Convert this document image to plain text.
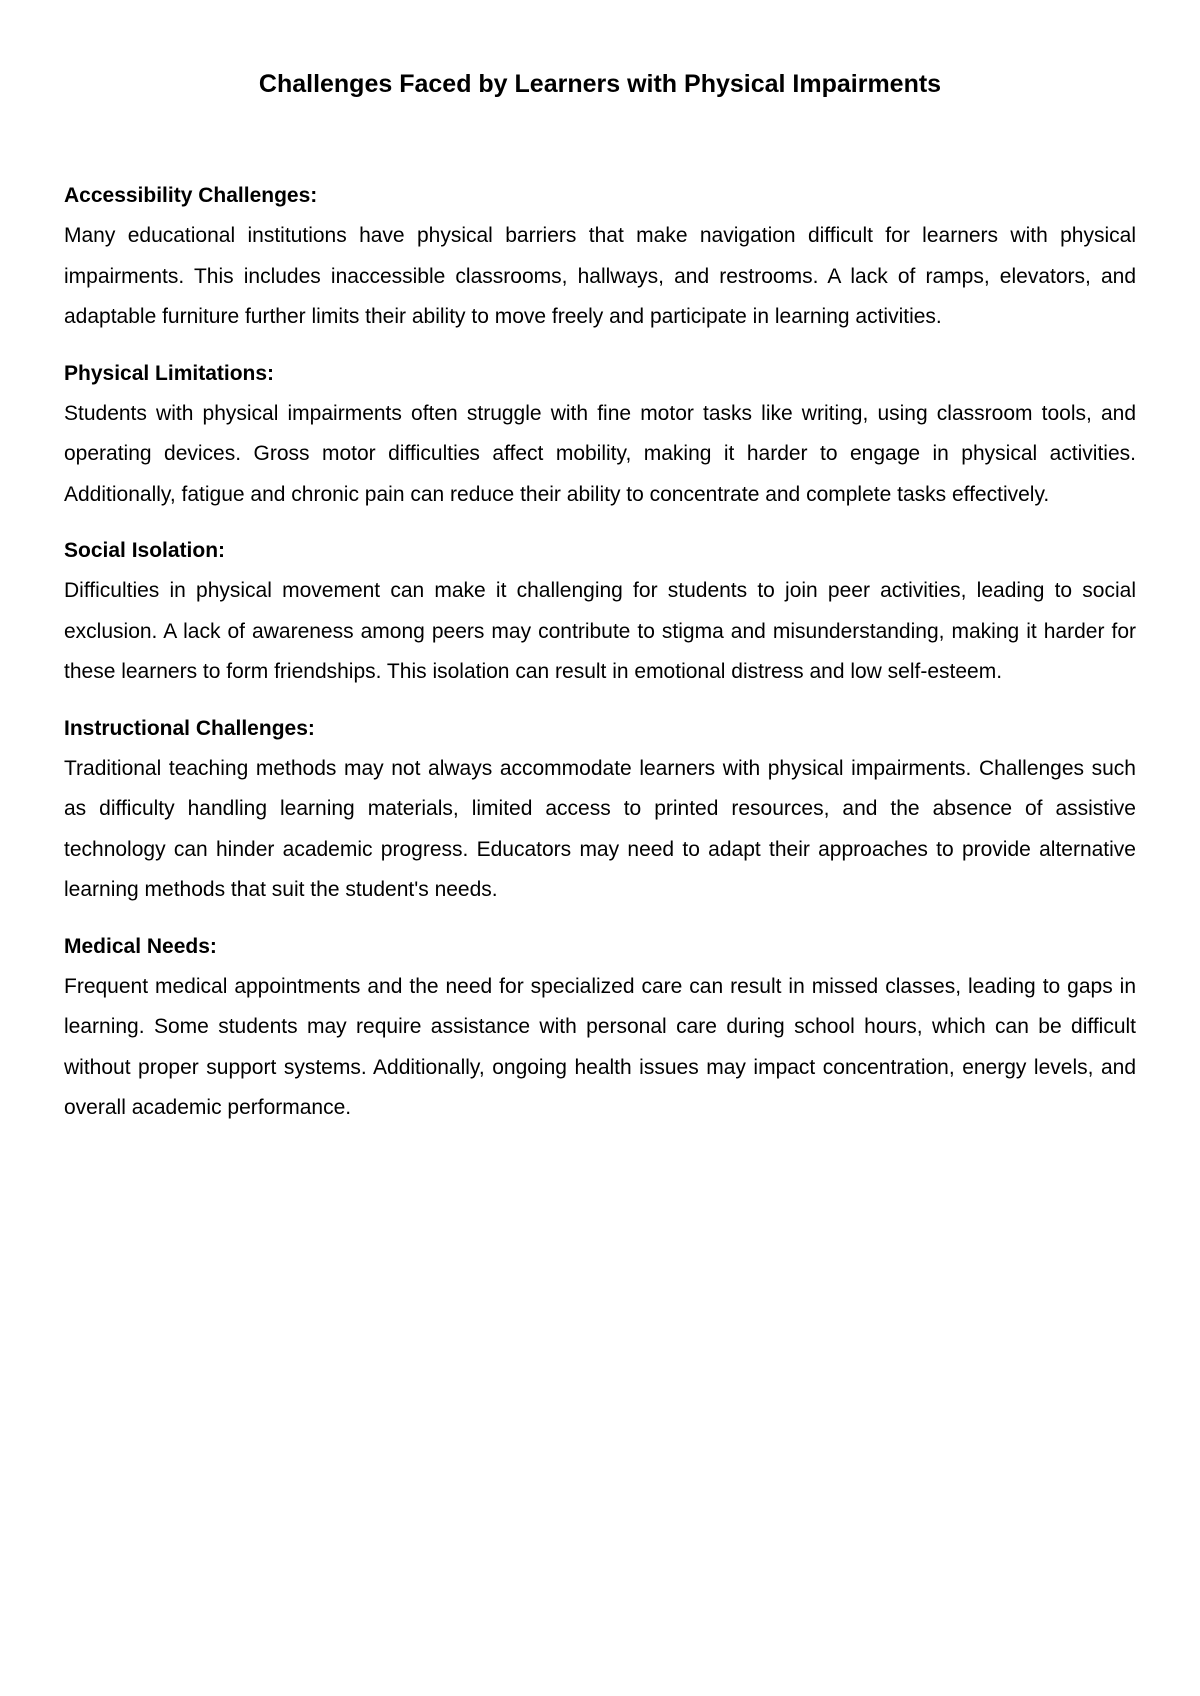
Challenges Faced by Learners with Physical Impairments

Accessibility Challenges:

Many educational institutions have physical barriers that make navigation difficult for learners with physical impairments. This includes inaccessible classrooms, hallways, and restrooms. A lack of ramps, elevators, and adaptable furniture further limits their ability to move freely and participate in learning activities.

Physical Limitations:

Students with physical impairments often struggle with fine motor tasks like writing, using classroom tools, and operating devices. Gross motor difficulties affect mobility, making it harder to engage in physical activities. Additionally, fatigue and chronic pain can reduce their ability to concentrate and complete tasks effectively.

Social Isolation:

Difficulties in physical movement can make it challenging for students to join peer activities, leading to social exclusion. A lack of awareness among peers may contribute to stigma and misunderstanding, making it harder for these learners to form friendships. This isolation can result in emotional distress and low self-esteem.

Instructional Challenges:

Traditional teaching methods may not always accommodate learners with physical impairments. Challenges such as difficulty handling learning materials, limited access to printed resources, and the absence of assistive technology can hinder academic progress. Educators may need to adapt their approaches to provide alternative learning methods that suit the student's needs.

Medical Needs:

Frequent medical appointments and the need for specialized care can result in missed classes, leading to gaps in learning. Some students may require assistance with personal care during school hours, which can be difficult without proper support systems. Additionally, ongoing health issues may impact concentration, energy levels, and overall academic performance.
